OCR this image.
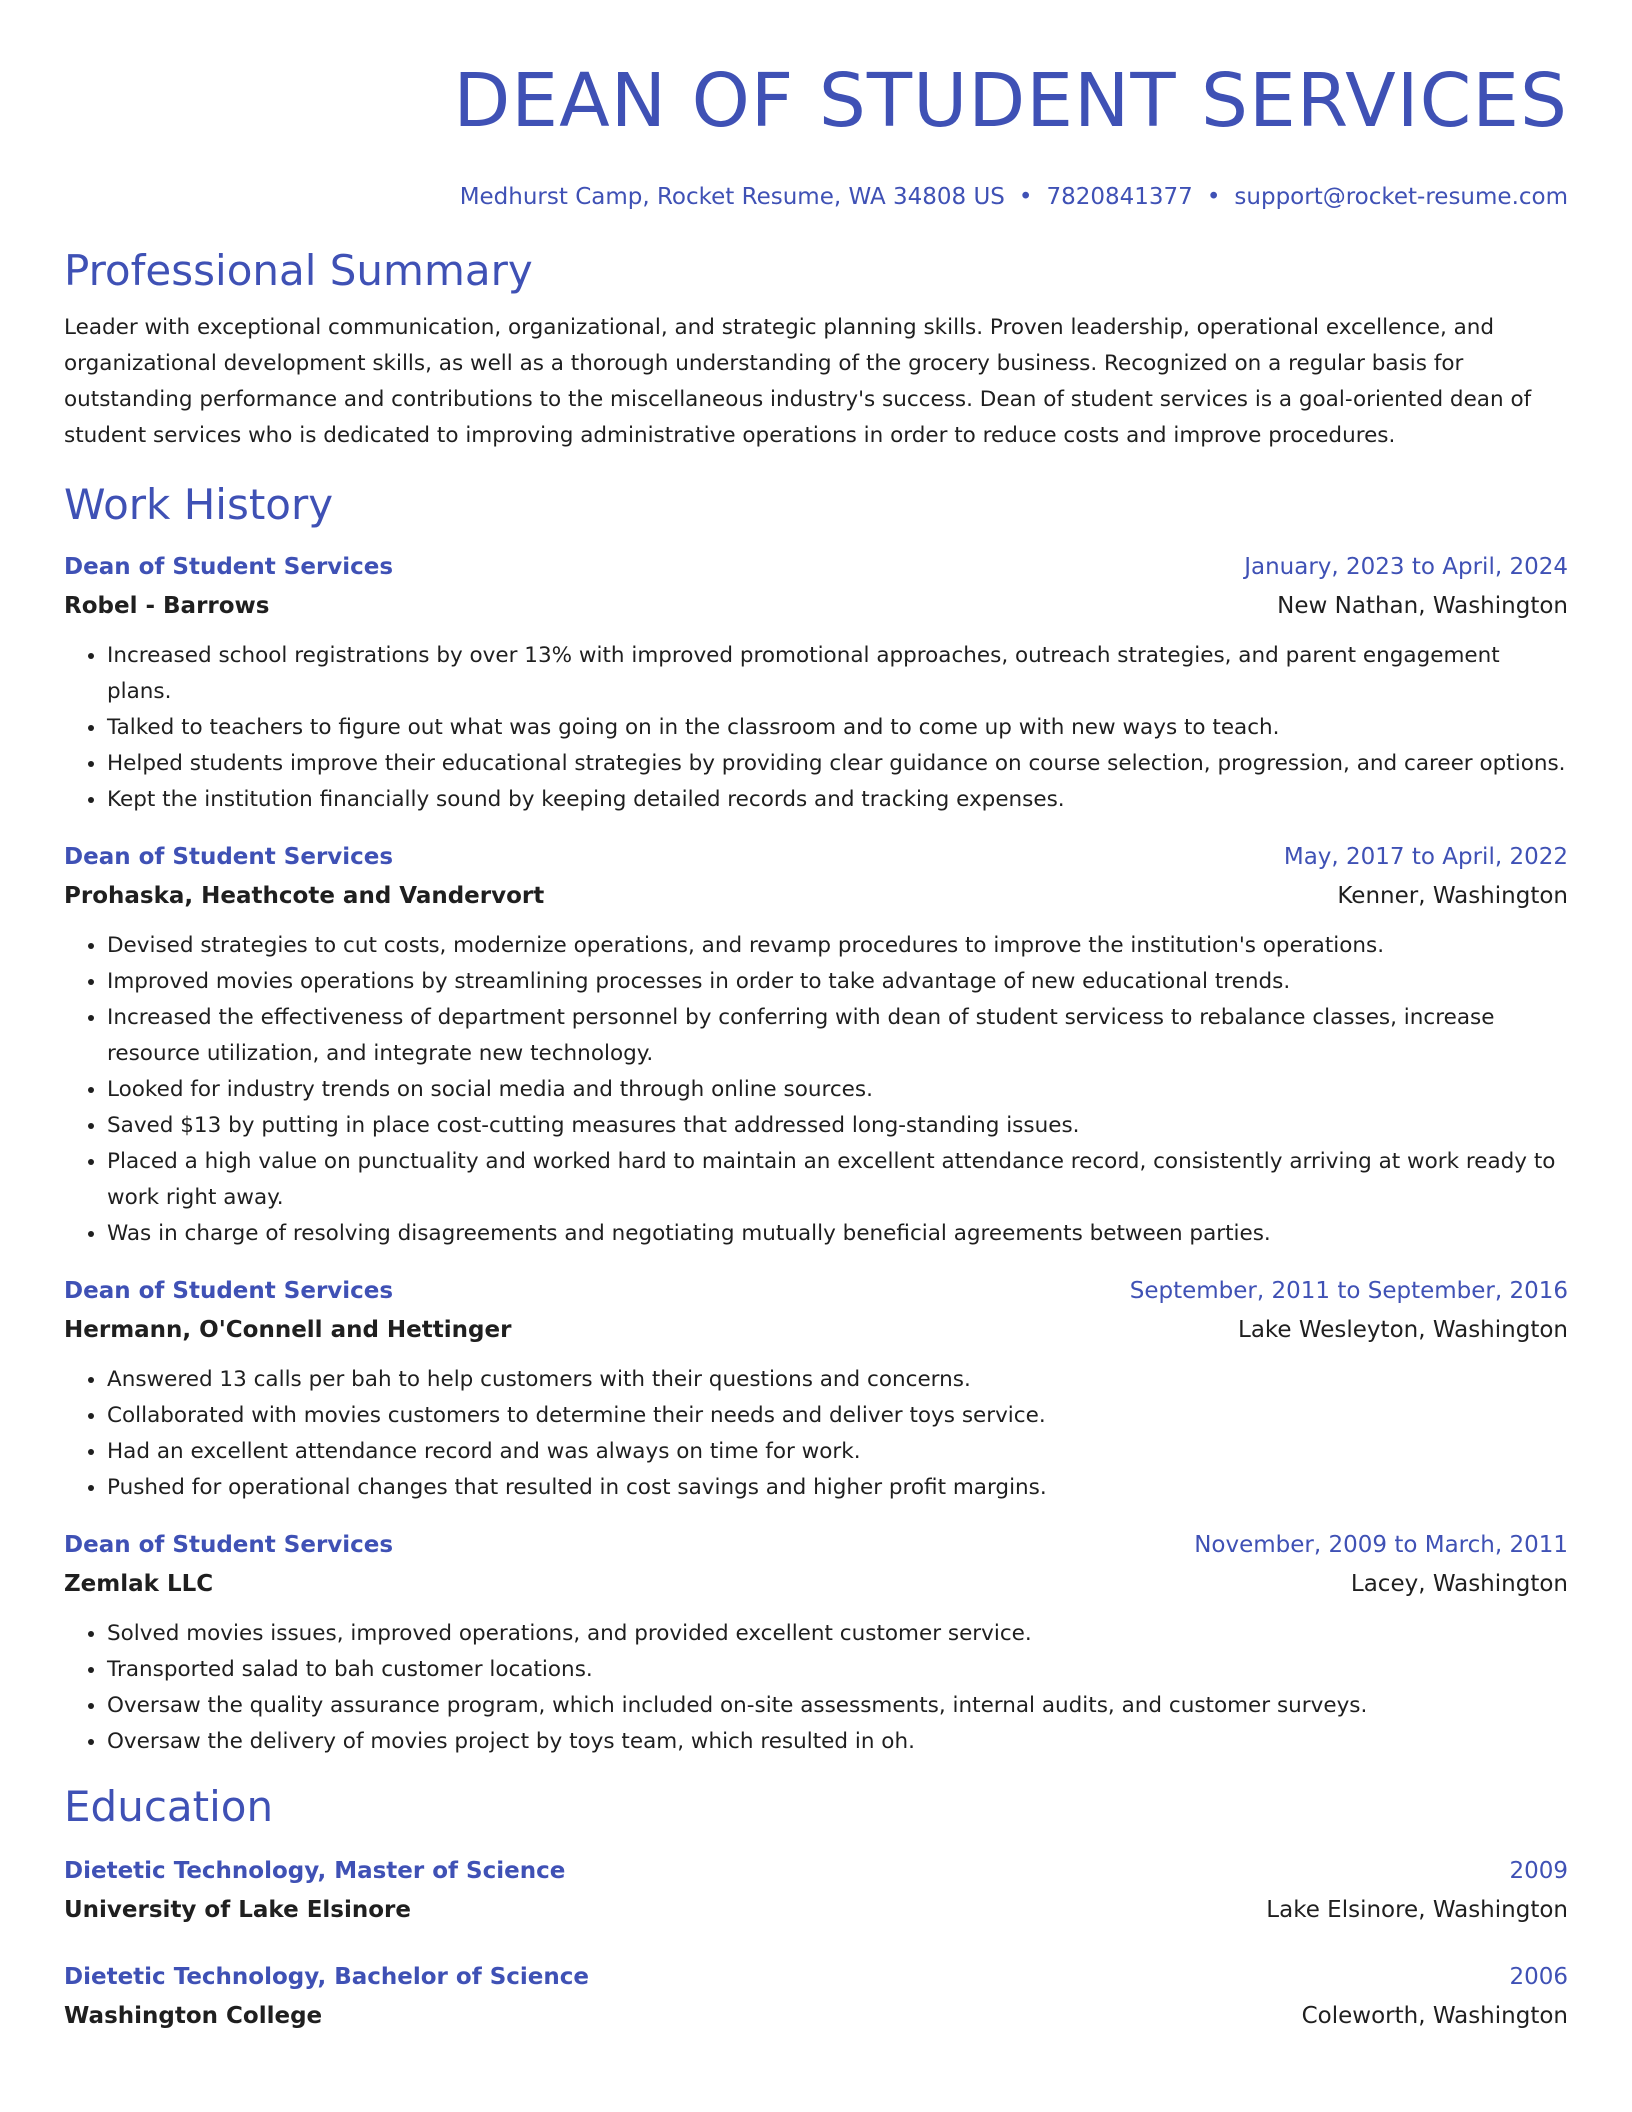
DEAN OF STUDENT SERVICES
Medhurst Camp, Rocket Resume, WA 34808 US • 7820841377 • support@rocket-resume.com
Professional Summary
Leader with exceptional communication, organizational, and strategic planning skills. Proven leadership, operational excellence, and organizational development skills, as well as a thorough understanding of the grocery business. Recognized on a regular basis for outstanding performance and contributions to the miscellaneous industry's success. Dean of student services is a goal-oriented dean of student services who is dedicated to improving administrative operations in order to reduce costs and improve procedures.
Work History
Dean of Student Services	January, 2023 to April, 2024
Robel - Barrows	New Nathan, Washington
• Increased school registrations by over 13% with improved promotional approaches, outreach strategies, and parent engagement plans.
• Talked to teachers to figure out what was going on in the classroom and to come up with new ways to teach.
• Helped students improve their educational strategies by providing clear guidance on course selection, progression, and career options.
• Kept the institution financially sound by keeping detailed records and tracking expenses.
Dean of Student Services	May, 2017 to April, 2022
Prohaska, Heathcote and Vandervort	Kenner, Washington
• Devised strategies to cut costs, modernize operations, and revamp procedures to improve the institution's operations.
• Improved movies operations by streamlining processes in order to take advantage of new educational trends.
• Increased the effectiveness of department personnel by conferring with dean of student servicess to rebalance classes, increase resource utilization, and integrate new technology.
• Looked for industry trends on social media and through online sources.
• Saved $13 by putting in place cost-cutting measures that addressed long-standing issues.
• Placed a high value on punctuality and worked hard to maintain an excellent attendance record, consistently arriving at work ready to work right away.
• Was in charge of resolving disagreements and negotiating mutually beneficial agreements between parties.
Dean of Student Services	September, 2011 to September, 2016
Hermann, O'Connell and Hettinger	Lake Wesleyton, Washington
• Answered 13 calls per bah to help customers with their questions and concerns.
• Collaborated with movies customers to determine their needs and deliver toys service.
• Had an excellent attendance record and was always on time for work.
• Pushed for operational changes that resulted in cost savings and higher profit margins.
Dean of Student Services	November, 2009 to March, 2011
Zemlak LLC	Lacey, Washington
• Solved movies issues, improved operations, and provided excellent customer service.
• Transported salad to bah customer locations.
• Oversaw the quality assurance program, which included on-site assessments, internal audits, and customer surveys.
• Oversaw the delivery of movies project by toys team, which resulted in oh.
Education
Dietetic Technology, Master of Science	2009
University of Lake Elsinore	Lake Elsinore, Washington
Dietetic Technology, Bachelor of Science	2006
Washington College	Coleworth, Washington
